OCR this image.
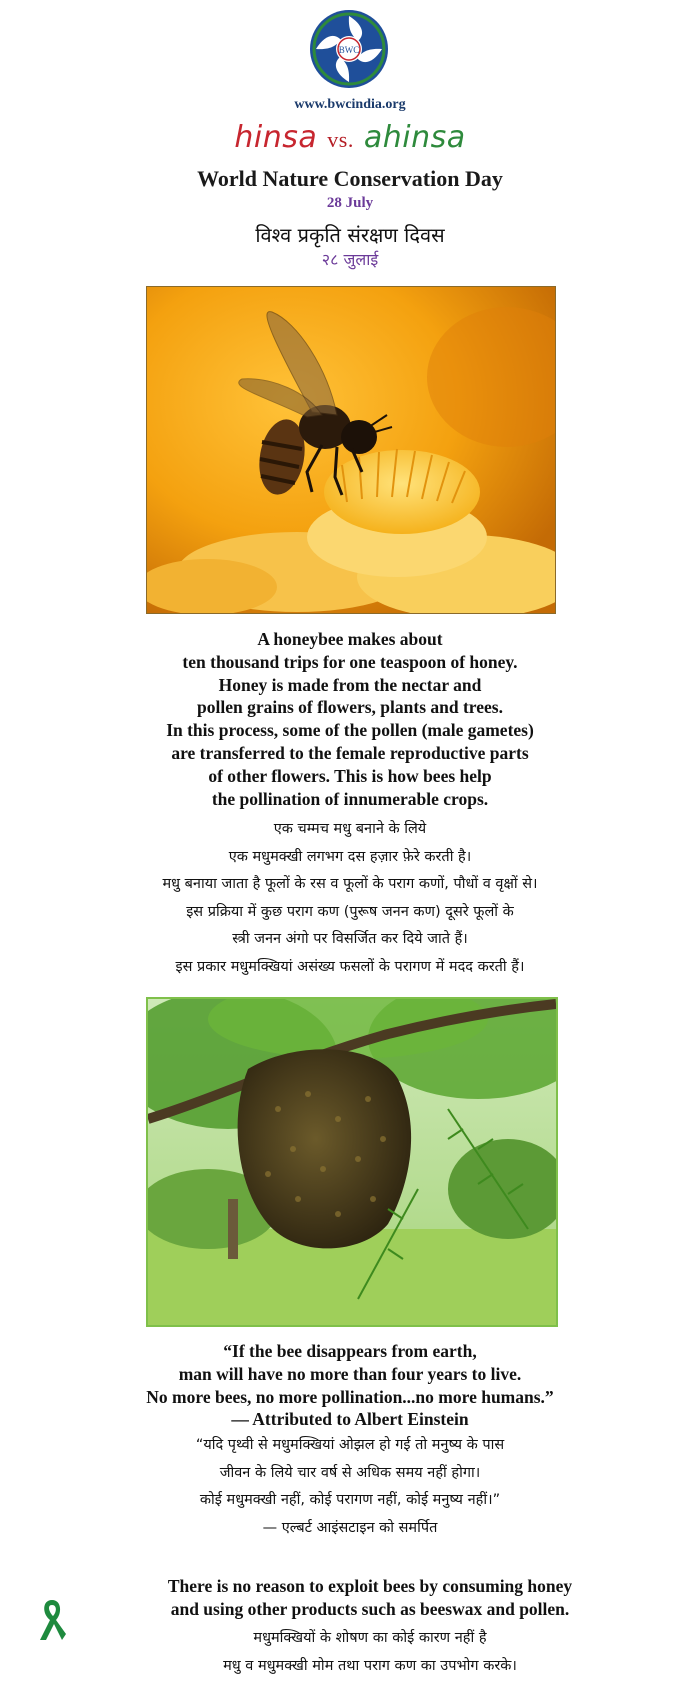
BWC
www.bwcindia.org
hinsa vs. ahinsa
World Nature Conservation Day
28 July
विश्व प्रकृति संरक्षण दिवस
२८ जुलाई
A honeybee makes about
ten thousand trips for one teaspoon of honey.
Honey is made from the nectar and
pollen grains of flowers, plants and trees.
In this process, some of the pollen (male gametes)
are transferred to the female reproductive parts
of other flowers. This is how bees help
the pollination of innumerable crops.
एक चम्मच मधु बनाने के लिये
एक मधुमक्खी लगभग दस हज़ार फ़ेरे करती है।
मधु बनाया जाता है फूलों के रस व फूलों के पराग कणों, पौधों व वृक्षों से।
इस प्रक्रिया में कुछ पराग कण (पुरूष जनन कण) दूसरे फूलों के
स्त्री जनन अंगो पर विसर्जित कर दिये जाते हैं।
इस प्रकार मधुमक्खियां असंख्य फसलों के परागण में मदद करती हैं।
“If the bee disappears from earth,
man will have no more than four years to live.
No more bees, no more pollination...no more humans.”
— Attributed to Albert Einstein
“यदि पृथ्वी से मधुमक्खियां ओझल हो गई तो मनुष्य के पास
जीवन के लिये चार वर्ष से अधिक समय नहीं होगा।
कोई मधुमक्खी नहीं, कोई परागण नहीं, कोई मनुष्य नहीं।”
— एल्बर्ट आइंसटाइन को समर्पित
There is no reason to exploit bees by consuming honey
and using other products such as beeswax and pollen.
मधुमक्खियों के शोषण का कोई कारण नहीं है
मधु व मधुमक्खी मोम तथा पराग कण का उपभोग करके।
